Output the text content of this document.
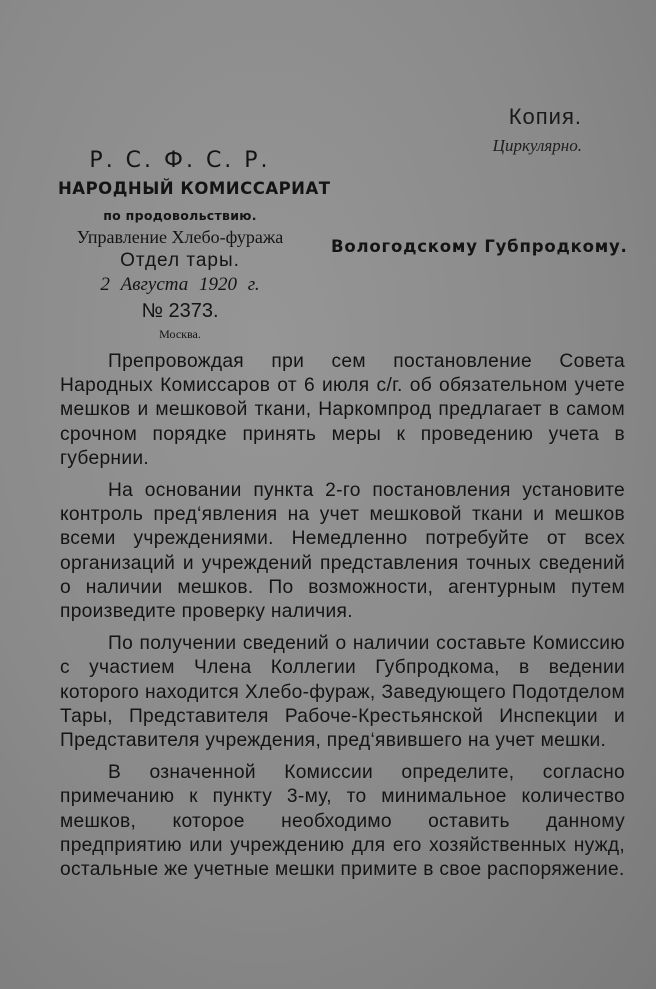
Копия.
Циркулярно.
Р. С. Ф. С. Р.
НАРОДНЫЙ КОМИССАРИАТ
по продовольствию.
Управление Хлебо-фуража
Отдел тары.
2 Августа 1920 г.
№ 2373.
Москва.
Вологодскому Губпродкому.

Препровождая при сем постановление Совета Народных Комиссаров от 6 июля с/г. об обязательном учете мешков и мешковой ткани, Наркомпрод предлагает в самом срочном порядке принять меры к проведению учета в губернии.

На основании пункта 2-го постановления установите контроль пред‘явления на учет мешковой ткани и мешков всеми учреждениями. Немедленно потребуйте от всех организаций и учреждений представления точных сведений о наличии мешков. По возможности, агентурным путем произведите проверку наличия.

По получении сведений о наличии составьте Комиссию с участием Члена Коллегии Губпродкома, в ведении которого находится Хлебо-фураж, Заведующего Подотделом Тары, Представителя Рабоче-Крестьянской Инспекции и Представителя учреждения, пред‘явившего на учет мешки.

В означенной Комиссии определите, согласно примечанию к пункту 3-му, то минимальное количество мешков, которое необходимо оставить данному предприятию или учреждению для его хозяйственных нужд, остальные же учетные мешки примите в свое распоряжение.
